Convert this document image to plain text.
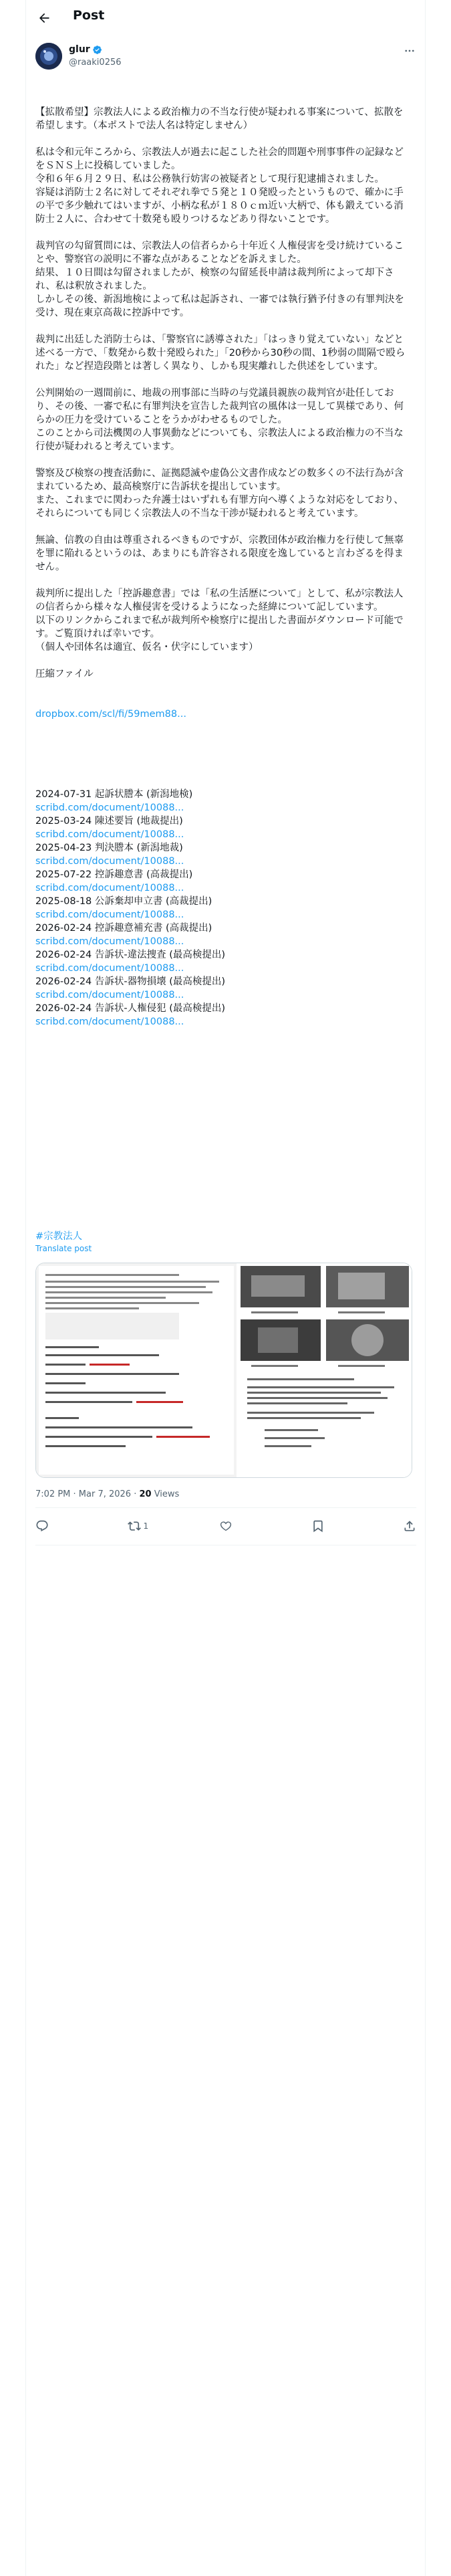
Post
glur
@raaki0256

【拡散希望】宗教法人による政治権力の不当な行使が疑われる事案について、拡散を希望します。（本ポストで法人名は特定しません）

私は令和元年ころから、宗教法人が過去に起こした社会的問題や刑事事件の記録などをＳＮＳ上に投稿していました。

令和６年６月２９日、私は公務執行妨害の被疑者として現行犯逮捕されました。

容疑は消防士２名に対してそれぞれ拳で５発と１０発殴ったというもので、確かに手の平で多少触れてはいますが、小柄な私が１８０ｃｍ近い大柄で、体も鍛えている消防士２人に、合わせて十数発も殴りつけるなどあり得ないことです。

裁判官の勾留質問には、宗教法人の信者らから十年近く人権侵害を受け続けていることや、警察官の説明に不審な点があることなどを訴えました。

結果、１０日間は勾留されましたが、検察の勾留延長申請は裁判所によって却下され、私は釈放されました。

しかしその後、新潟地検によって私は起訴され、一審では執行猶予付きの有罪判決を受け、現在東京高裁に控訴中です。

裁判に出廷した消防士らは、「警察官に誘導された」「はっきり覚えていない」などと述べる一方で、「数発から数十発殴られた」「20秒から30秒の間、1秒弱の間隔で殴られた」など捏造段階とは著しく異なり、しかも現実離れした供述をしています。

公判開始の一週間前に、地裁の刑事部に当時の与党議員親族の裁判官が赴任しており、その後、一審で私に有罪判決を宣告した裁判官の風体は一見して異様であり、何らかの圧力を受けていることをうかがわせるものでした。

このことから司法機関の人事異動などについても、宗教法人による政治権力の不当な行使が疑われると考えています。

警察及び検察の捜査活動に、証拠隠滅や虚偽公文書作成などの数多くの不法行為が含まれているため、最高検察庁に告訴状を提出しています。

また、これまでに関わった弁護士はいずれも有罪方向へ導くような対応をしており、それらについても同じく宗教法人の不当な干渉が疑われると考えています。

無論、信教の自由は尊重されるべきものですが、宗教団体が政治権力を行使して無辜を罪に陥れるというのは、あまりにも許容される限度を逸していると言わざるを得ません。

裁判所に提出した「控訴趣意書」では「私の生活歴について」として、私が宗教法人の信者らから様々な人権侵害を受けるようになった経緯について記しています。

以下のリンクからこれまで私が裁判所や検察庁に提出した書面がダウンロード可能です。ご覧頂ければ幸いです。

（個人や団体名は適宜、仮名・伏字にしています）

圧縮ファイル

dropbox.com/scl/fi/59mem88...

2024-07-31 起訴状謄本 (新潟地検)
scribd.com/document/10088...
2025-03-24 陳述要旨 (地裁提出)
scribd.com/document/10088...
2025-04-23 判決謄本 (新潟地裁)
scribd.com/document/10088...
2025-07-22 控訴趣意書 (高裁提出)
scribd.com/document/10088...
2025-08-18 公訴棄却申立書 (高裁提出)
scribd.com/document/10088...
2026-02-24 控訴趣意補充書 (高裁提出)
scribd.com/document/10088...
2026-02-24 告訴状-違法捜査 (最高検提出)
scribd.com/document/10088...
2026-02-24 告訴状-器物損壊 (最高検提出)
scribd.com/document/10088...
2026-02-24 告訴状-人権侵犯 (最高検提出)
scribd.com/document/10088...

#宗教法人
Translate post
7:02 PM · Mar 7, 2026 · 20 Views
1
